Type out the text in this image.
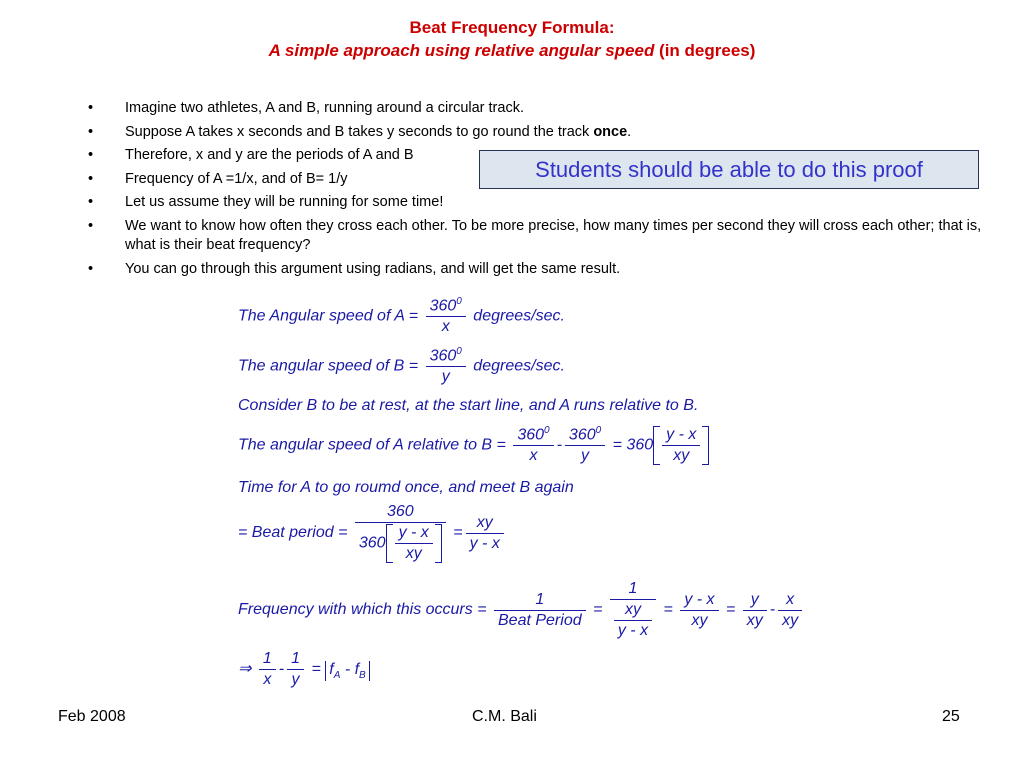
Beat Frequency Formula:
A simple approach using relative angular speed (in degrees)
• Imagine two athletes, A and B, running around a circular track.
• Suppose A takes x seconds and B takes y seconds to go round the track once.
• Therefore, x and y are the periods of A and B
• Frequency of A =1/x, and of B= 1/y
• Let us assume they will be running for some time!
• We want to know how often they cross each other. To be more precise, how many times per second they will cross each other; that is, what is their beat frequency?
• You can go through this argument using radians, and will get the same result.
Students should be able to do this proof
The Angular speed of $A = \frac{360^0}{x}$ degrees/sec.
The angular speed of $B = \frac{360^0}{y}$ degrees/sec.
Consider B to be at rest, at the start line, and A runs relative to B.
The angular speed of A relative to $B = \frac{360^0}{x} - \frac{360^0}{y} = 360 \frac{y - x}{xy}$
Time for A to go roumd once, and meet B again
= Beat period = $\frac{360}{360 \frac{y - x}{xy}} = \frac{xy}{y - x}$
Frequency with which this occurs = $\frac{1}{\text{Beat Period}} = \frac{1}{\frac{xy}{y - x}} = \frac{y - x}{xy} = \frac{y}{xy} - \frac{x}{xy}$
⇒ $\frac{1}{x} - \frac{1}{y} = f_A - f_B$
Feb 2008	C.M. Bali	25
